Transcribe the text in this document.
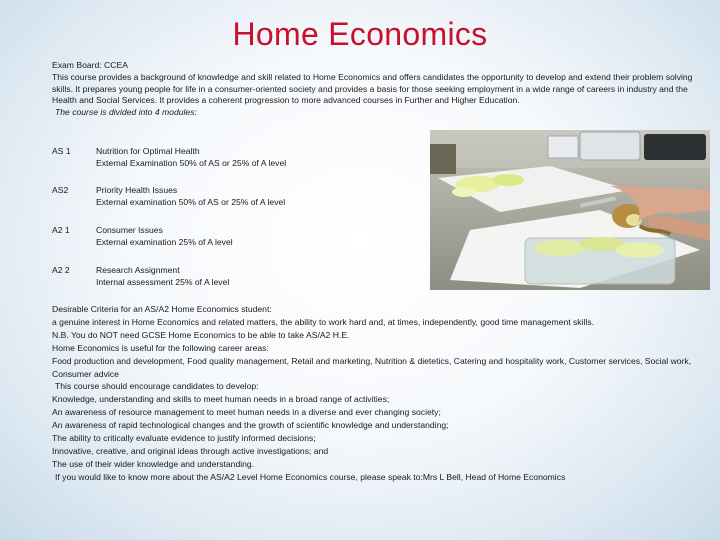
Home Economics

Exam Board: CCEA

This course provides a background of knowledge and skill related to Home Economics and offers candidates the opportunity to develop and extend their problem solving skills. It prepares young people for life in a consumer-oriented society and provides a basis for those seeking employment in a wide range of careers in industry and the Health and Social Services. It provides a coherent progression to more advanced courses in Further and Higher Education.

The course is divided into 4 modules:

AS 1	Nutrition for Optimal Health
External Examination 50% of AS or 25% of A level
AS2	Priority Health Issues
External examination 50% of AS or 25% of A level
A2 1	Consumer Issues
External examination 25% of A level
A2 2	Research Assignment
Internal assessment 25% of A level

Desirable Criteria for an AS/A2 Home Economics student:

a genuine interest in Home Economics and related matters, the ability to work hard and, at times, independently, good time management skills.

N.B. You do NOT need GCSE Home Economics to be able to take AS/A2 H.E.

Home Economics is useful for the following career areas:

Food production and development, Food quality management, Retail and marketing, Nutrition & dietetics, Catering and hospitality work, Customer services, Social work, Consumer advice

This course should encourage candidates to develop:

Knowledge, understanding and skills to meet human needs in a broad range of activities;

An awareness of resource management to meet human needs in a diverse and ever changing society;

An awareness of rapid technological changes and the growth of scientific knowledge and understanding;

The ability to critically evaluate evidence to justify informed decisions;

Innovative, creative, and original ideas through active investigations; and

The use of their wider knowledge and understanding.

If you would like to know more about the AS/A2 Level Home Economics course, please speak to:Mrs L Bell, Head of Home Economics
